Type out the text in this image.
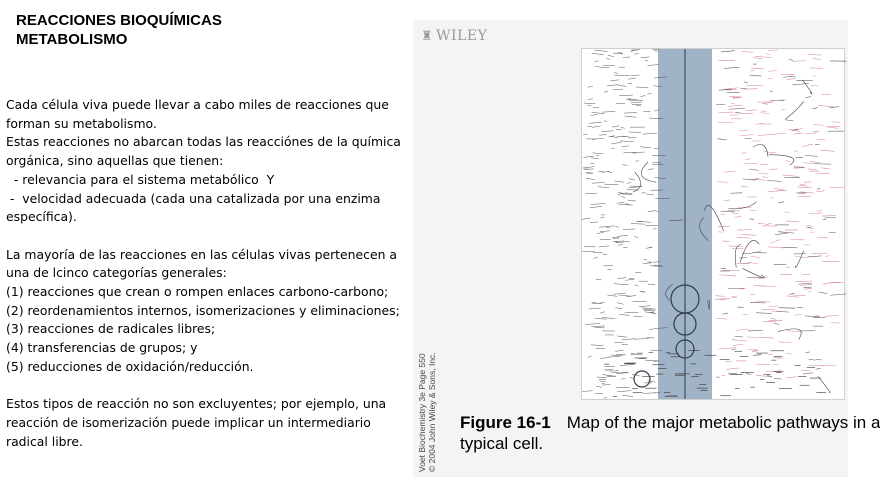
REACCIONES BIOQUÍMICAS
METABOLISMO
Cada célula viva puede llevar a cabo miles de reacciones que
forman su metabolismo.
Estas reacciones no abarcan todas las reacciónes de la química
orgánica, sino aquellas que tienen:
- relevancia para el sistema metabólico  Y
-  velocidad adecuada (cada una catalizada por una enzima
específica).
La mayoría de las reacciones en las células vivas pertenecen a
una de lcinco categorías generales:
(1) reacciones que crean o rompen enlaces carbono-carbono;
(2) reordenamientos internos, isomerizaciones y eliminaciones;
(3) reacciones de radicales libres;
(4) transferencias de grupos; y
(5) reducciones de oxidación/reducción.
Estos tipos de reacción no son excluyentes; por ejemplo, una
reacción de isomerización puede implicar un intermediario
radical libre.
♜ WILEY
Voet Biochemistry 3e Page 550 © 2004 John Wiley & Sons, Inc. Figure 16-1 Map of the major metabolic pathways in a
typical cell.
